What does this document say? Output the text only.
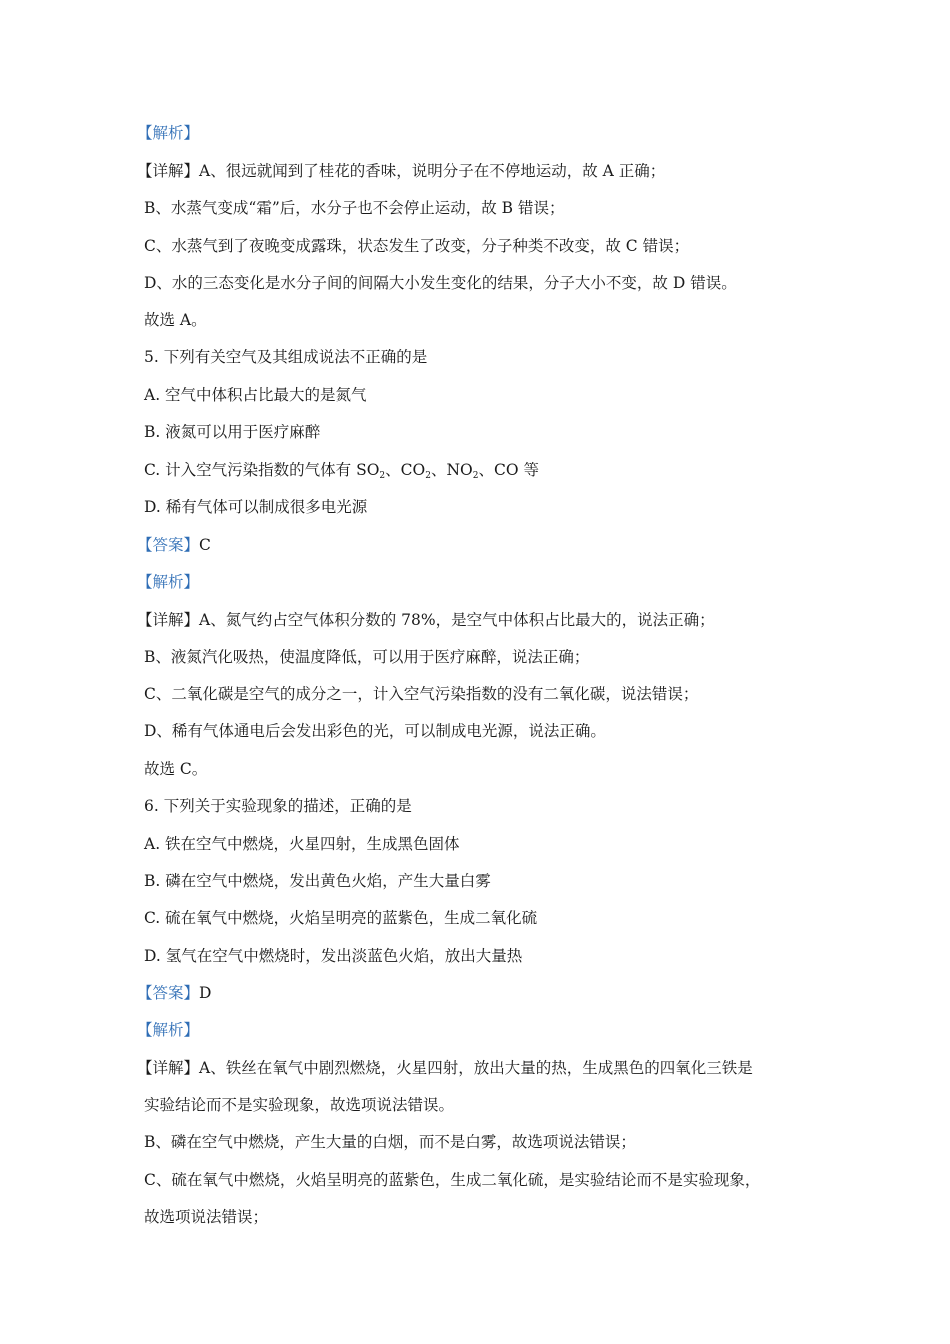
【解析】
【详解】A、很远就闻到了桂花的香味，说明分子在不停地运动，故 A 正确；
B、水蒸气变成“霜”后，水分子也不会停止运动，故 B 错误；
C、水蒸气到了夜晚变成露珠，状态发生了改变，分子种类不改变，故 C 错误；
D、水的三态变化是水分子间的间隔大小发生变化的结果，分子大小不变，故 D 错误。
故选 A。
5. 下列有关空气及其组成说法不正确的是
A. 空气中体积占比最大的是氮气
B. 液氮可以用于医疗麻醉
C. 计入空气污染指数的气体有 $SO_2$、$CO_2$、$NO_2$、CO 等
D. 稀有气体可以制成很多电光源
【答案】C
【解析】
【详解】A、氮气约占空气体积分数的 78%，是空气中体积占比最大的，说法正确；
B、液氮汽化吸热，使温度降低，可以用于医疗麻醉，说法正确；
C、二氧化碳是空气的成分之一，计入空气污染指数的没有二氧化碳，说法错误；
D、稀有气体通电后会发出彩色的光，可以制成电光源，说法正确。
故选 C。
6. 下列关于实验现象的描述，正确的是
A. 铁在空气中燃烧，火星四射，生成黑色固体
B. 磷在空气中燃烧，发出黄色火焰，产生大量白雾
C. 硫在氧气中燃烧，火焰呈明亮的蓝紫色，生成二氧化硫
D. 氢气在空气中燃烧时，发出淡蓝色火焰，放出大量热
【答案】D
【解析】
【详解】A、铁丝在氧气中剧烈燃烧，火星四射，放出大量的热，生成黑色的四氧化三铁是
实验结论而不是实验现象，故选项说法错误。
B、磷在空气中燃烧，产生大量的白烟，而不是白雾，故选项说法错误；
C、硫在氧气中燃烧，火焰呈明亮的蓝紫色，生成二氧化硫，是实验结论而不是实验现象，
故选项说法错误；
